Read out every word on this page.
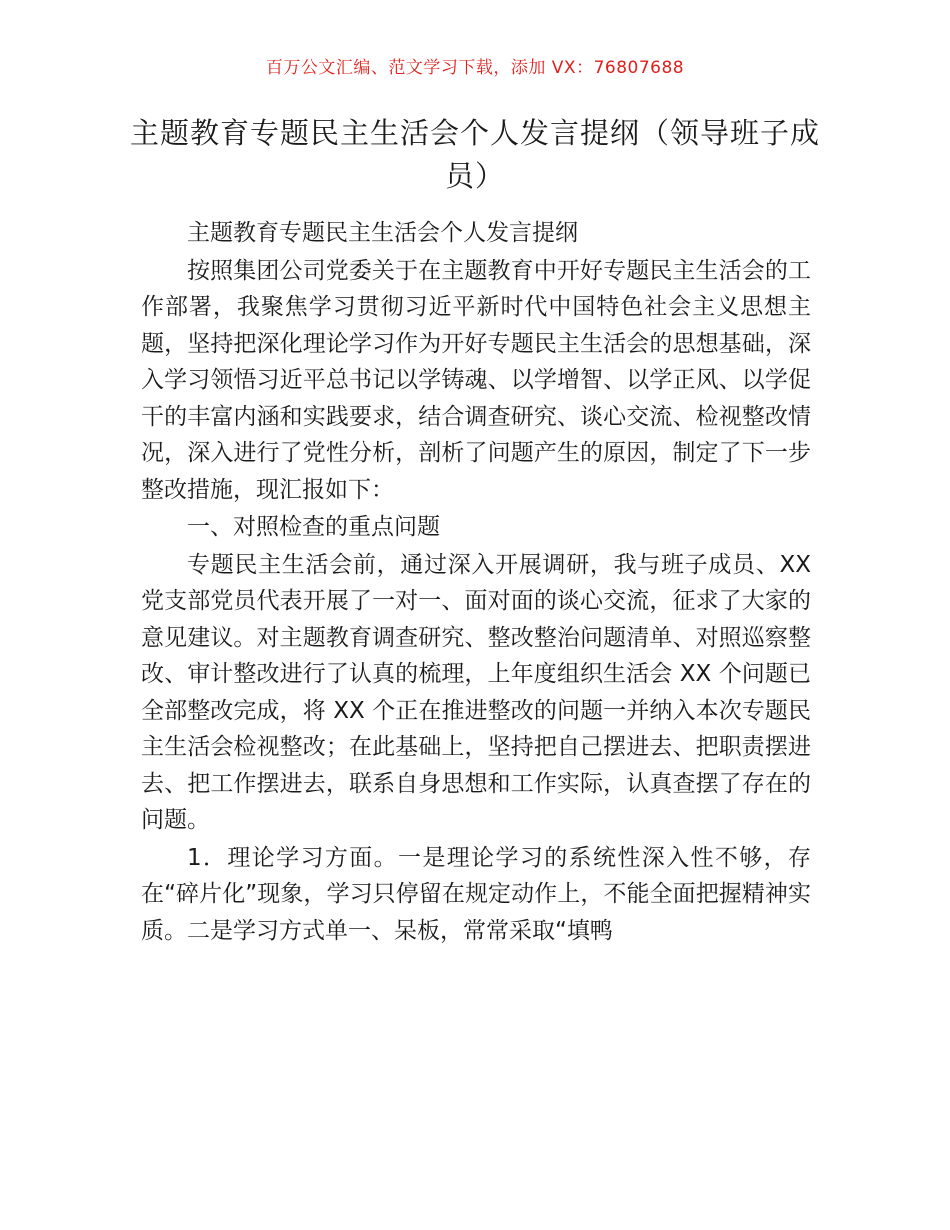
百万公文汇编、范文学习下载，添加 VX：76807688
主题教育专题民主生活会个人发言提纲（领导班子成员）

主题教育专题民主生活会个人发言提纲

按照集团公司党委关于在主题教育中开好专题民主生活会的工作部署，我聚焦学习贯彻习近平新时代中国特色社会主义思想主题，坚持把深化理论学习作为开好专题民主生活会的思想基础，深入学习领悟习近平总书记以学铸魂、以学增智、以学正风、以学促干的丰富内涵和实践要求，结合调查研究、谈心交流、检视整改情况，深入进行了党性分析，剖析了问题产生的原因，制定了下一步整改措施，现汇报如下：

一、对照检查的重点问题

专题民主生活会前，通过深入开展调研，我与班子成员、XX 党支部党员代表开展了一对一、面对面的谈心交流，征求了大家的意见建议。对主题教育调查研究、整改整治问题清单、对照巡察整改、审计整改进行了认真的梳理，上年度组织生活会 XX 个问题已全部整改完成，将 XX 个正在推进整改的问题一并纳入本次专题民主生活会检视整改；在此基础上，坚持把自己摆进去、把职责摆进去、把工作摆进去，联系自身思想和工作实际，认真查摆了存在的问题。

1．理论学习方面。一是理论学习的系统性深入性不够，存在“碎片化”现象，学习只停留在规定动作上，不能全面把握精神实质。二是学习方式单一、呆板，常常采取“填鸭
